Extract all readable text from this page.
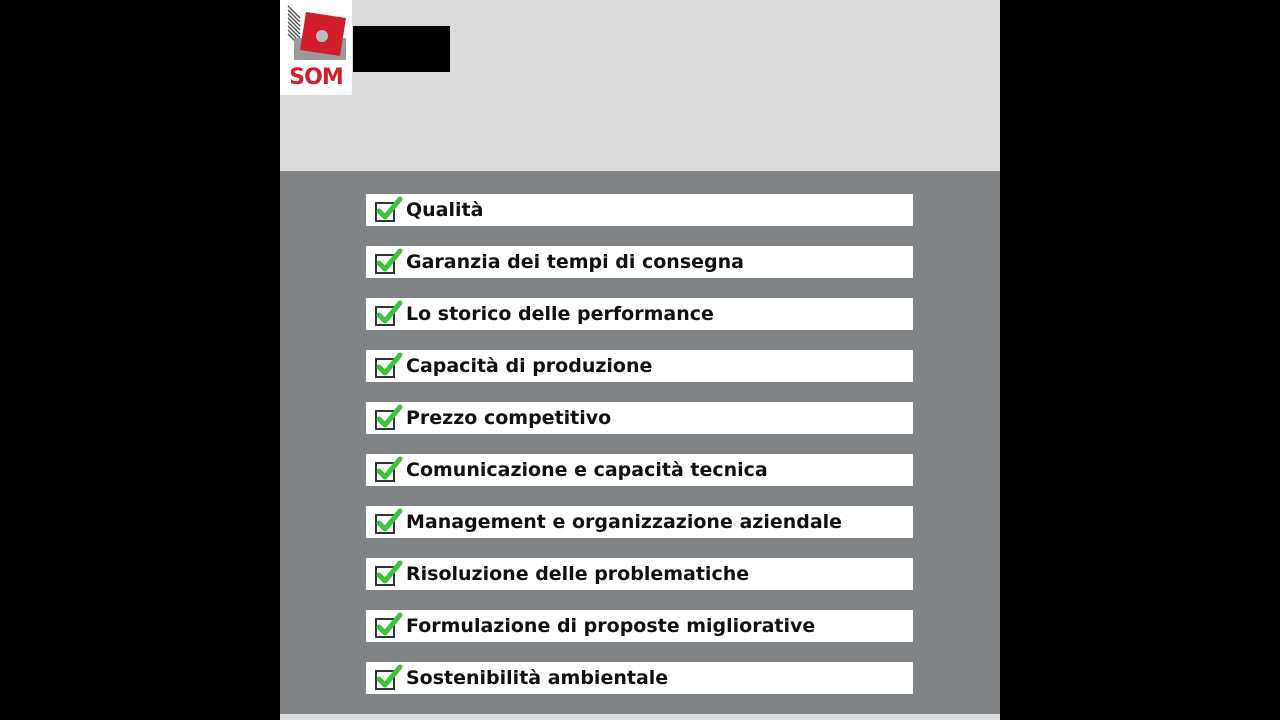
SOM
Qualità
Garanzia dei tempi di consegna
Lo storico delle performance
Capacità di produzione
Prezzo competitivo
Comunicazione e capacità tecnica
Management e organizzazione aziendale
Risoluzione delle problematiche
Formulazione di proposte migliorative
Sostenibilità ambientale
